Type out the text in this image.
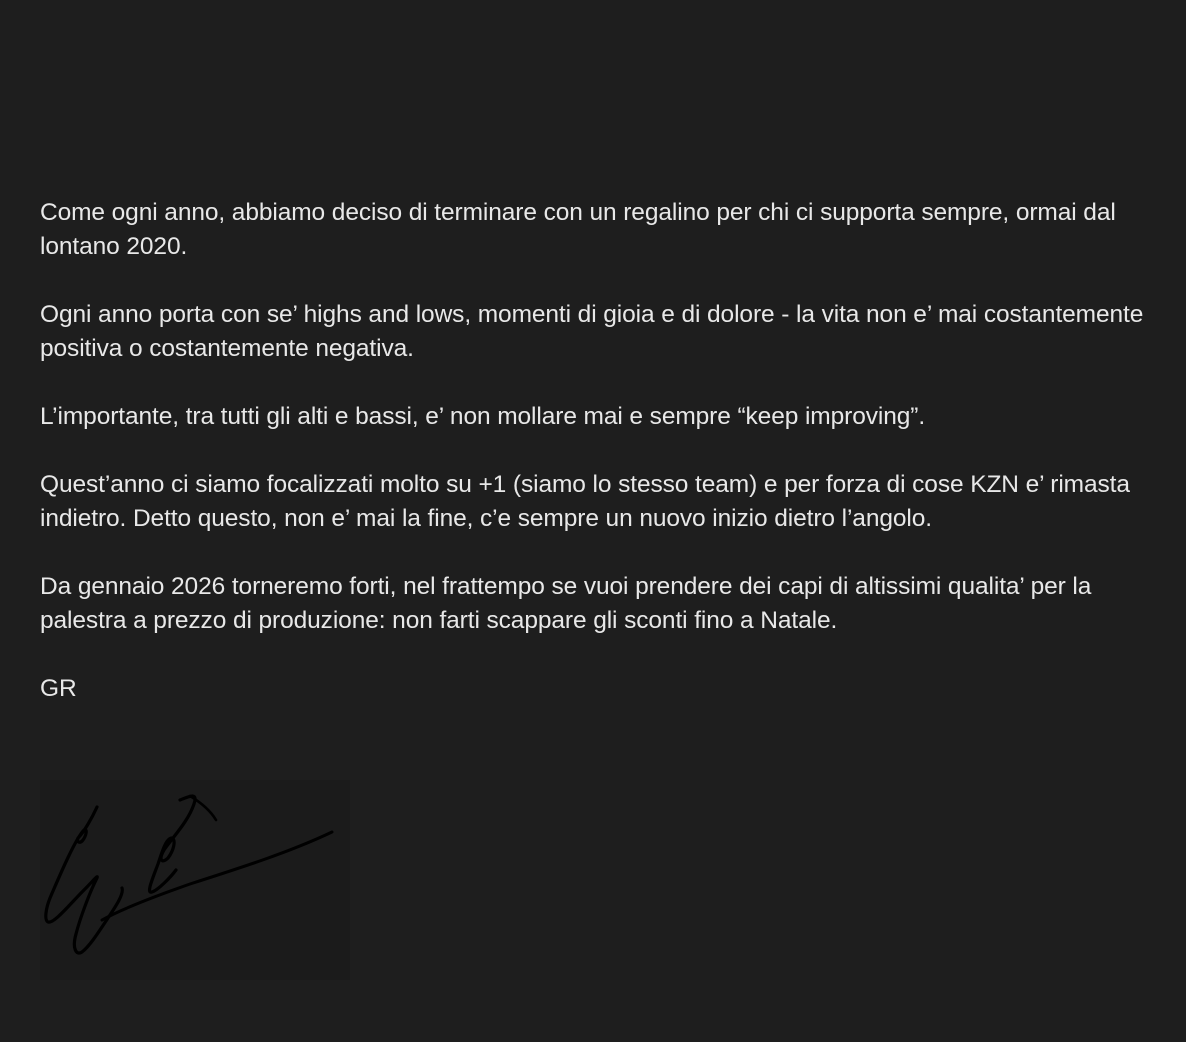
Come ogni anno, abbiamo deciso di terminare con un regalino per chi ci supporta sempre, ormai dal lontano 2020.

Ogni anno porta con se’ highs and lows, momenti di gioia e di dolore - la vita non e’ mai costantemente positiva o costantemente negativa.

L’importante, tra tutti gli alti e bassi, e’ non mollare mai e sempre “keep improving”.

Quest’anno ci siamo focalizzati molto su +1 (siamo lo stesso team) e per forza di cose KZN e’ rimasta indietro. Detto questo, non e’ mai la fine, c’e sempre un nuovo inizio dietro l’angolo.

Da gennaio 2026 torneremo forti, nel frattempo se vuoi prendere dei capi di altissimi qualita’ per la palestra a prezzo di produzione: non farti scappare gli sconti fino a Natale.

GR
